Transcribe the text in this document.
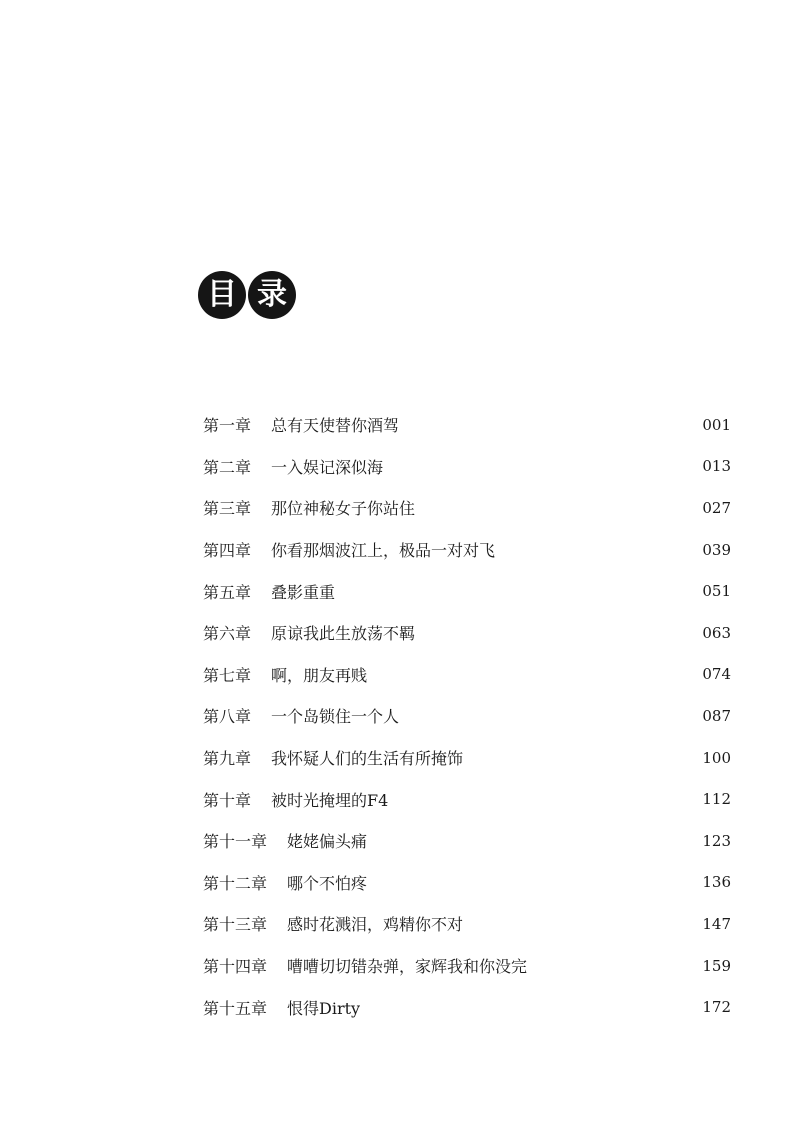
目 录
第一章 总有天使替你酒驾	001
第二章 一入娱记深似海	013
第三章 那位神秘女子你站住	027
第四章 你看那烟波江上，极品一对对飞	039
第五章 叠影重重	051
第六章 原谅我此生放荡不羁	063
第七章 啊，朋友再贱	074
第八章 一个岛锁住一个人	087
第九章 我怀疑人们的生活有所掩饰	100
第十章 被时光掩埋的F4	112
第十一章 姥姥偏头痛	123
第十二章 哪个不怕疼	136
第十三章 感时花溅泪，鸡精你不对	147
第十四章 嘈嘈切切错杂弹，家辉我和你没完	159
第十五章 恨得Dirty	172
